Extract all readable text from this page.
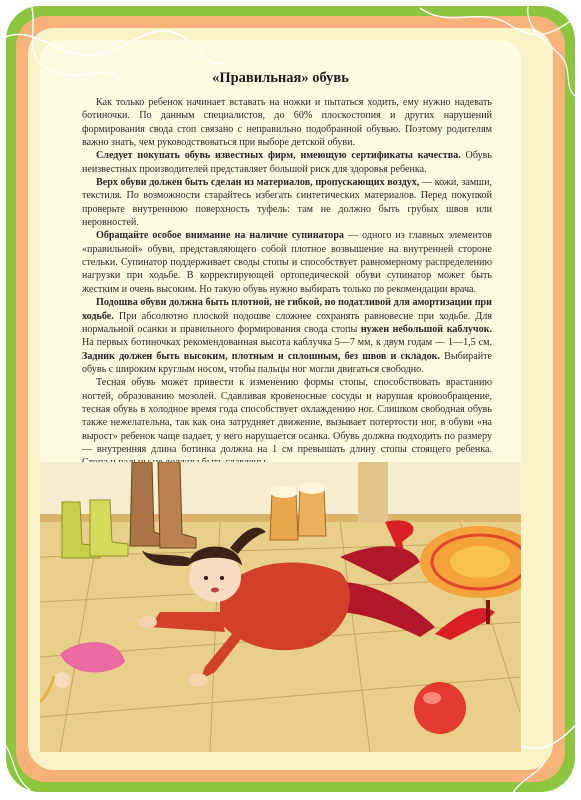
«Правильная» обувь

Как только ребенок начинает вставать на ножки и пытаться ходить, ему нужно надевать ботиночки. По данным специалистов, до 60% плоскостопия и других нарушений формирования свода стоп связано с неправильно подобранной обувью. Поэтому родителям важно знать, чем руководствоваться при выборе детской обуви.

Следует покупать обувь известных фирм, имеющую сертификаты качества. Обувь неизвестных производителей представляет большой риск для здоровья ребенка.

Верх обуви должен быть сделан из материалов, пропускающих воздух, — кожи, замши, текстиля. По возможности старайтесь избегать синтетических материалов. Перед покупкой проверьте внутреннюю поверхность туфель: там не должно быть грубых швов или неровностей.

Обращайте особое внимание на наличие супинатора — одного из главных элементов «правильной» обуви, представляющего собой плотное возвышение на внутренней стороне стельки. Супинатор поддерживает своды стопы и способствует равномерному распределению нагрузки при ходьбе. В корректирующей ортопедической обуви супинатор может быть жестким и очень высоким. Но такую обувь нужно выбирать только по рекомендации врача.

Подошва обуви должна быть плотной, не гибкой, но податливой для амортизации при ходьбе. При абсолютно плоской подошве сложнее сохранять равновесие при ходьбе. Для нормальной осанки и правильного формирования свода стопы нужен небольшой каблучок. На первых ботиночках рекомендованная высота каблучка 5—7 мм, к двум годам — 1—1,5 см. Задник должен быть высоким, плотным и сплошным, без швов и складок. Выбирайте обувь с широким круглым носом, чтобы пальцы ног могли двигаться свободно.

Тесная обувь может привести к изменению формы стопы, способствовать врастанию ногтей, образованию мозолей. Сдавливая кровеносные сосуды и нарушая кровообращение, тесная обувь в холодное время года способствует охлаждению ног. Слишком свободная обувь также нежелательна, так как она затрудняет движение, вызывает потертости ног, в обуви «на вырост» ребенок чаще падает, у него нарушается осанка. Обувь должна подходить по размеру — внутренняя длина ботинка должна на 1 см превышать длину стопы стоящего ребенка.
